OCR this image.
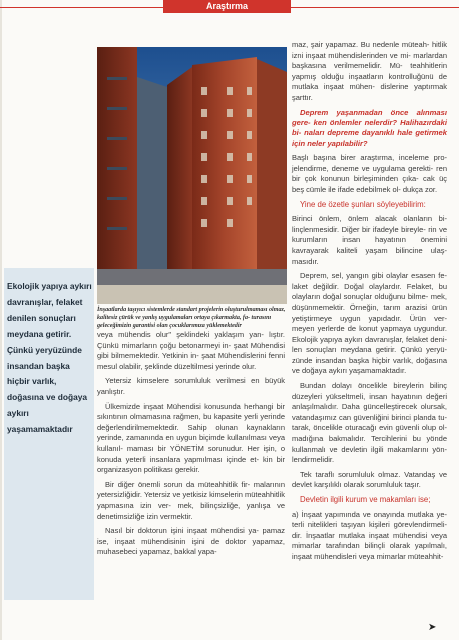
Araştırma
İnşaatlarda taşıyıcı sistemlerde standart projelerin oluşturulmaması olmaz, kalitesiz çürük ve yanlış uygulamaları ortaya çıkarmakta, fa- turasını geleceğimizin garantisi olan çocuklarımıza yüklemektedir
Ekolojik yapıya aykırı davranışlar, felaket denilen sonuçları meydana getirir. Çünkü yeryüzünde insandan başka hiçbir varlık, doğasına ve doğaya aykırı yaşamamaktadır

veya mühendis olur" şeklindeki yaklaşım yan- lıştır. Çünkü mimarların çoğu betonarmeyi in- şaat Mühendisi gibi bilmemektedir. Yetkinin in- şaat Mühendislerini fenni mesul olabilir, şeklinde düzeltilmesi yerinde olur.

Yetersiz kimselere sorumluluk verilmesi en büyük yanlıştır.

Ülkemizde inşaat Mühendisi konusunda herhangi bir sıkıntının olmamasına rağmen, bu kapasite yerli yerinde değerlendirilmemektedir. Sahip olunan kaynakların yerinde, zamanında en uygun biçimde kullanılması veya kullanıl- maması bir YÖNETİM sorunudur. Her işin, o konuda yeterli insanlara yapmılması içinde et- kin bir organizasyon politikası gerekir.

Bir diğer önemli sorun da müteahhitlik fir- malarının yetersizliğidir. Yetersiz ve yetkisiz kimselerin müteahhitlik yapmasına izin ver- mek, bilinçsizliğe, yanlışa ve denetimsizliğe izin vermektir.

Nasıl bir doktorun işini inşaat mühendisi ya- pamaz ise, inşaat mühendisinin işini de doktor yapamaz, muhasebeci yapamaz, bakkal yapa-

maz, şair yapamaz. Bu nedenle müteah- hitlik izni inşaat mühendislerinden ve mi- marlardan başkasına verilmemelidir. Mü- teahhitlerin yapmış olduğu inşaatların kontrolluğünü de mutlaka inşaat mühen- dislerine yaptırmak şarttır.

Deprem yaşanmadan önce alınması gere- ken önlemler nelerdir? Halihazırdaki bi- naları depreme dayanıklı hale getirmek için neler yapılabilir?

Başlı başına birer araştırma, inceleme pro- jelendirme, deneme ve uygulama gerekti- ren bir çok konunun birleşiminden çıka- cak üç beş cümle ile ifade edebilmek ol- dukça zor.

Yine de özetle şunları söyleyebilirim:

Birinci önlem, önlem alacak olanların bi- linçlenmesidir. Diğer bir ifadeyle bireyle- rin ve kurumların insan hayatının önemini kavrayarak kaliteli yaşam bilincine ulaş- masıdır.

Deprem, sel, yangın gibi olaylar esasen fe- laket değildir. Doğal olaylardır. Felaket, bu olayların doğal sonuçlar olduğunu bilme- mek, düşünmemektir. Örneğin, tarım arazisi ürün yetiştirmeye uygun yapıdadır. Ürün ver- meyen yerlerde de konut yapmaya uygundur. Ekolojik yapıya aykırı davranışlar, felaket deni- len sonuçları meydana getirir. Çünkü yeryü- zünde insandan başka hiçbir varlık, doğasına ve doğaya aykırı yaşamamaktadır.

Bundan dolayı öncelikle bireylerin bilinç düzeyleri yükseltmeli, insan hayatının değeri anlaşılmalıdır. Daha güncelleştirecek olursak, vatandaşımız can güvenliğini birinci planda tu- tarak, öncelikle oturacağı evin güvenli olup ol- madığına bakmalıdır. Tercihlerini bu yönde kullanmalı ve devletin ilgili makamlarını yön- lendirmelidir.

Tek taraflı sorumluluk olmaz. Vatandaş ve devlet karşılıklı olarak sorumluluk taşır.

Devletin ilgili kurum ve makamları ise;

a) İnşaat yapımında ve onayında mutlaka ye- terli nitelikleri taşıyan kişileri görevlendirmeli- dir. İnşaatlar mutlaka inşaat mühendisi veya mimarlar tarafından bilinçli olarak yapılmalı, inşaat mühendisleri veya mimarlar müteahhit-

➤
